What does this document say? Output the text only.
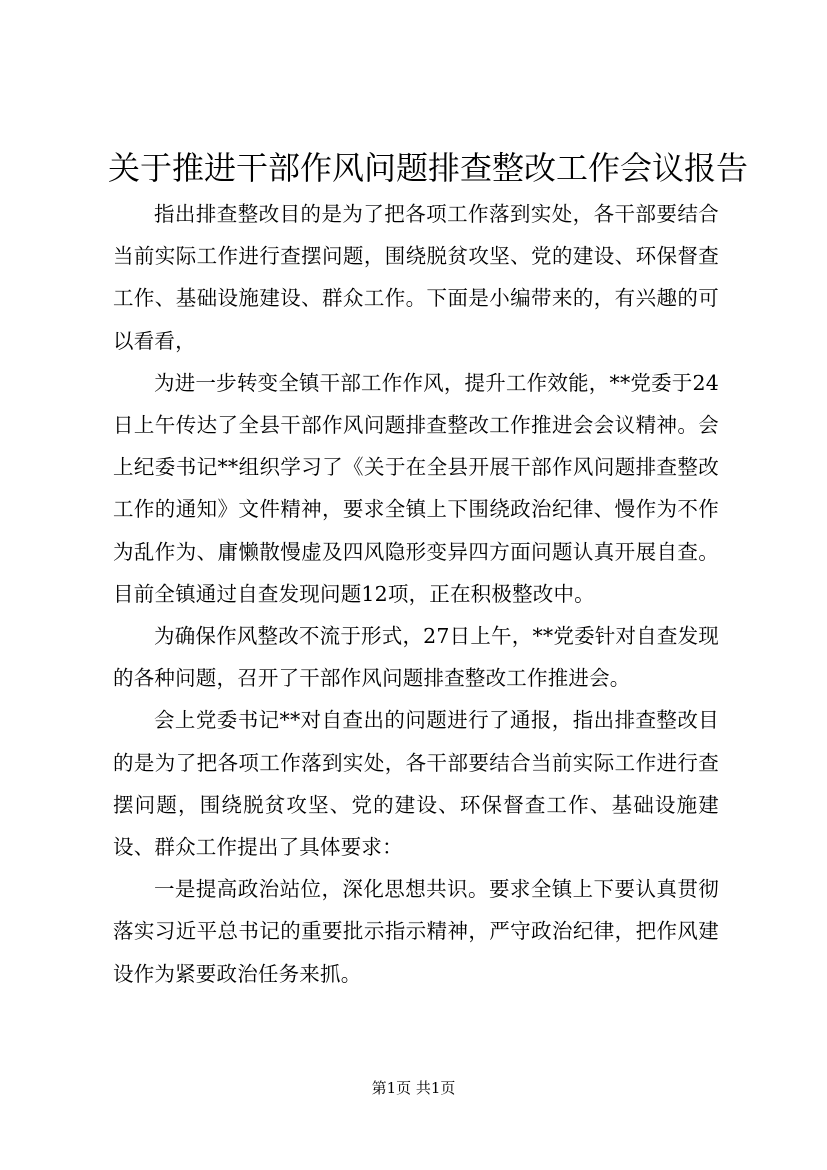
关于推进干部作风问题排查整改工作会议报告

指出排查整改目的是为了把各项工作落到实处，各干部要结合当前实际工作进行查摆问题，围绕脱贫攻坚、党的建设、环保督查工作、基础设施建设、群众工作。下面是小编带来的，有兴趣的可以看看，

为进一步转变全镇干部工作作风，提升工作效能，**党委于24日上午传达了全县干部作风问题排查整改工作推进会会议精神。会上纪委书记**组织学习了《关于在全县开展干部作风问题排查整改工作的通知》文件精神，要求全镇上下围绕政治纪律、慢作为不作为乱作为、庸懒散慢虚及四风隐形变异四方面问题认真开展自查。目前全镇通过自查发现问题12项，正在积极整改中。

为确保作风整改不流于形式，27日上午，**党委针对自查发现的各种问题，召开了干部作风问题排查整改工作推进会。

会上党委书记**对自查出的问题进行了通报，指出排查整改目的是为了把各项工作落到实处，各干部要结合当前实际工作进行查摆问题，围绕脱贫攻坚、党的建设、环保督查工作、基础设施建设、群众工作提出了具体要求：

一是提高政治站位，深化思想共识。要求全镇上下要认真贯彻落实习近平总书记的重要批示指示精神，严守政治纪律，把作风建设作为紧要政治任务来抓。

第1页 共1页
